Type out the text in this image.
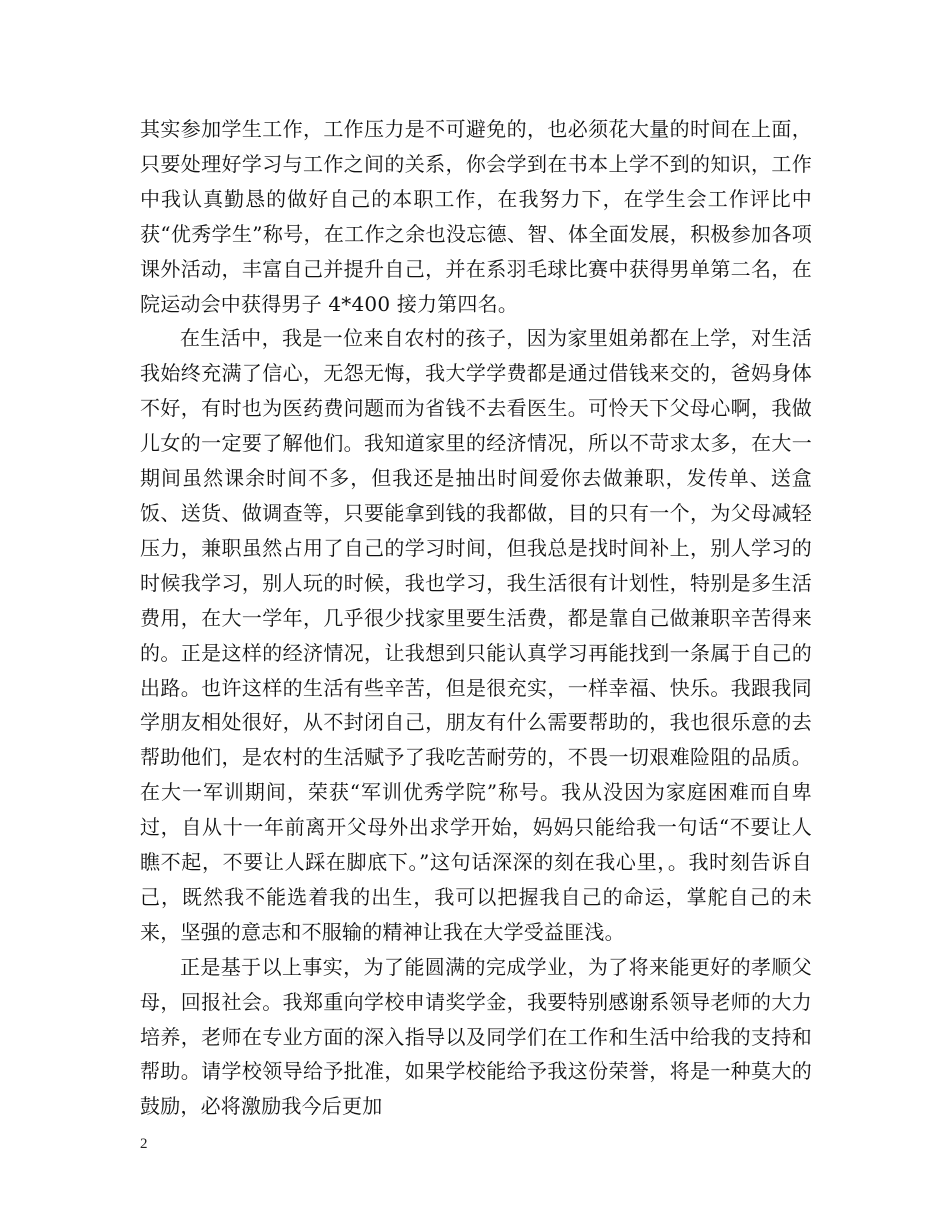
其实参加学生工作，工作压力是不可避免的，也必须花大量的时间在上面，只要处理好学习与工作之间的关系，你会学到在书本上学不到的知识，工作中我认真勤恳的做好自己的本职工作，在我努力下，在学生会工作评比中获“优秀学生”称号，在工作之余也没忘德、智、体全面发展，积极参加各项课外活动，丰富自己并提升自己，并在系羽毛球比赛中获得男单第二名，在院运动会中获得男子 4*400 接力第四名。

在生活中，我是一位来自农村的孩子，因为家里姐弟都在上学，对生活我始终充满了信心，无怨无悔，我大学学费都是通过借钱来交的，爸妈身体不好，有时也为医药费问题而为省钱不去看医生。可怜天下父母心啊，我做儿女的一定要了解他们。我知道家里的经济情况，所以不苛求太多，在大一期间虽然课余时间不多，但我还是抽出时间爱你去做兼职，发传单、送盒饭、送货、做调查等，只要能拿到钱的我都做，目的只有一个，为父母减轻压力，兼职虽然占用了自己的学习时间，但我总是找时间补上，别人学习的时候我学习，别人玩的时候，我也学习，我生活很有计划性，特别是多生活费用，在大一学年，几乎很少找家里要生活费，都是靠自己做兼职辛苦得来的。正是这样的经济情况，让我想到只能认真学习再能找到一条属于自己的出路。也许这样的生活有些辛苦，但是很充实，一样幸福、快乐。我跟我同学朋友相处很好，从不封闭自己，朋友有什么需要帮助的，我也很乐意的去帮助他们，是农村的生活赋予了我吃苦耐劳的，不畏一切艰难险阻的品质。在大一军训期间，荣获“军训优秀学院”称号。我从没因为家庭困难而自卑过，自从十一年前离开父母外出求学开始，妈妈只能给我一句话“不要让人瞧不起，不要让人踩在脚底下。”这句话深深的刻在我心里，。我时刻告诉自己，既然我不能选着我的出生，我可以把握我自己的命运，掌舵自己的未来，坚强的意志和不服输的精神让我在大学受益匪浅。

正是基于以上事实，为了能圆满的完成学业，为了将来能更好的孝顺父母，回报社会。我郑重向学校申请奖学金，我要特别感谢系领导老师的大力培养，老师在专业方面的深入指导以及同学们在工作和生活中给我的支持和帮助。请学校领导给予批准，如果学校能给予我这份荣誉，将是一种莫大的鼓励，必将激励我今后更加

2
